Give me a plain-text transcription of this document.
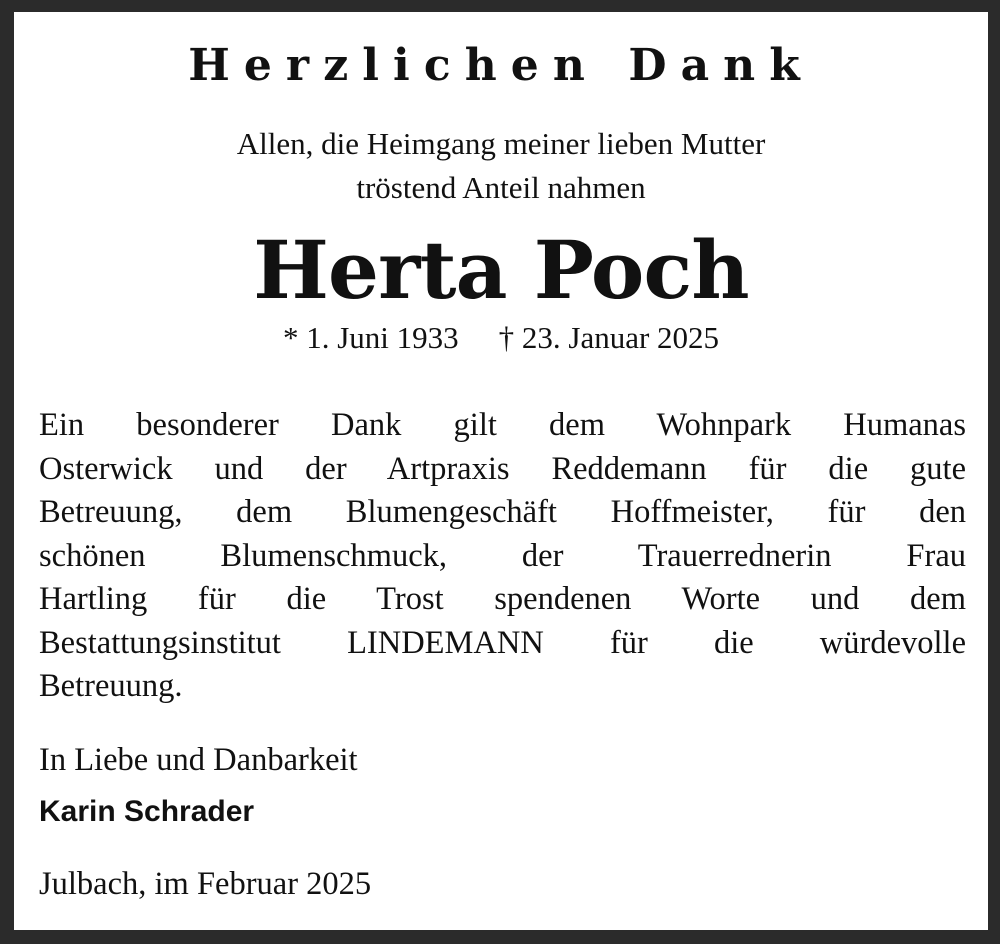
Herzlichen Dank
Allen, die Heimgang meiner lieben Mutter
tröstend Anteil nahmen
Herta Poch
* 1. Juni 1933 † 23. Januar 2025
Ein besonderer Dank gilt dem Wohnpark Humanas
Osterwick und der Artpraxis Reddemann für die gute
Betreuung, dem Blumengeschäft Hoffmeister, für den
schönen Blumenschmuck, der Trauerrednerin Frau
Hartling für die Trost spendenen Worte und dem
Bestattungsinstitut LINDEMANN für die würdevolle
Betreuung.
In Liebe und Danbarkeit
Karin Schrader
Julbach, im Februar 2025
